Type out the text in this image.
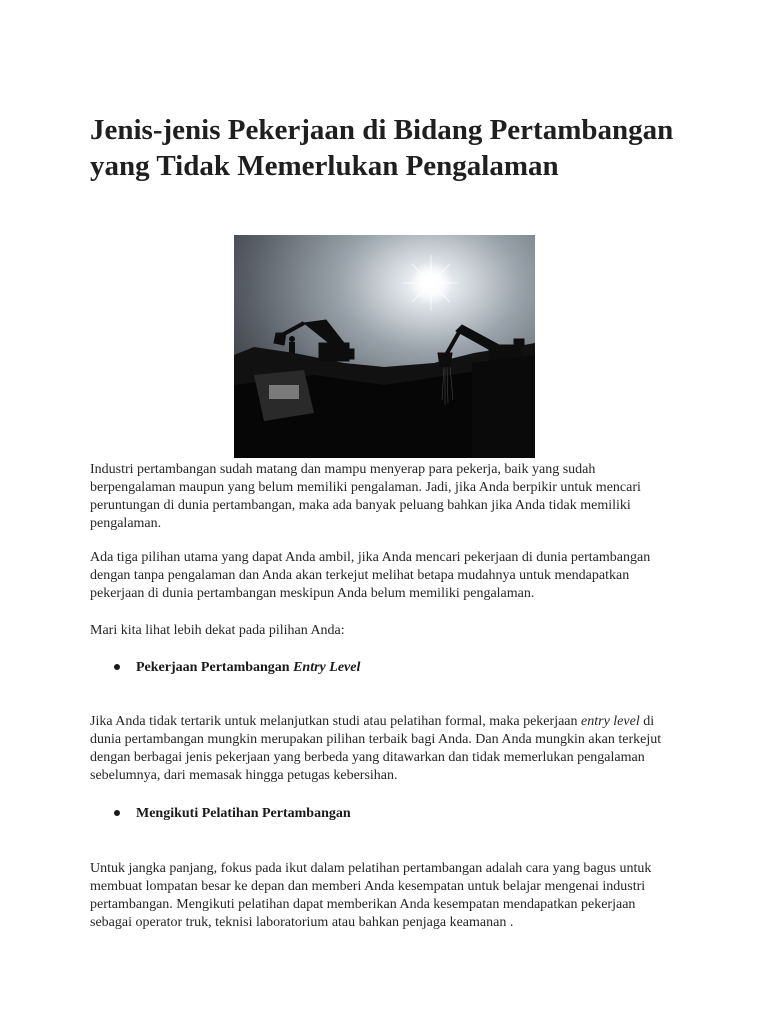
Jenis-jenis Pekerjaan di Bidang Pertambangan yang Tidak Memerlukan Pengalaman

Industri pertambangan sudah matang dan mampu menyerap para pekerja, baik yang sudah berpengalaman maupun yang belum memiliki pengalaman. Jadi, jika Anda berpikir untuk mencari peruntungan di dunia pertambangan, maka ada banyak peluang bahkan jika Anda tidak memiliki pengalaman.

Ada tiga pilihan utama yang dapat Anda ambil, jika Anda mencari pekerjaan di dunia pertambangan dengan tanpa pengalaman dan Anda akan terkejut melihat betapa mudahnya untuk mendapatkan pekerjaan di dunia pertambangan meskipun Anda belum memiliki pengalaman.

Mari kita lihat lebih dekat pada pilihan Anda:

Pekerjaan Pertambangan Entry Level

Jika Anda tidak tertarik untuk melanjutkan studi atau pelatihan formal, maka pekerjaan entry level di dunia pertambangan mungkin merupakan pilihan terbaik bagi Anda. Dan Anda mungkin akan terkejut dengan berbagai jenis pekerjaan yang berbeda yang ditawarkan dan tidak memerlukan pengalaman sebelumnya, dari memasak hingga petugas kebersihan.

Mengikuti Pelatihan Pertambangan

Untuk jangka panjang, fokus pada ikut dalam pelatihan pertambangan adalah cara yang bagus untuk membuat lompatan besar ke depan dan memberi Anda kesempatan untuk belajar mengenai industri pertambangan. Mengikuti pelatihan dapat memberikan Anda kesempatan mendapatkan pekerjaan sebagai operator truk, teknisi laboratorium atau bahkan penjaga keamanan .
